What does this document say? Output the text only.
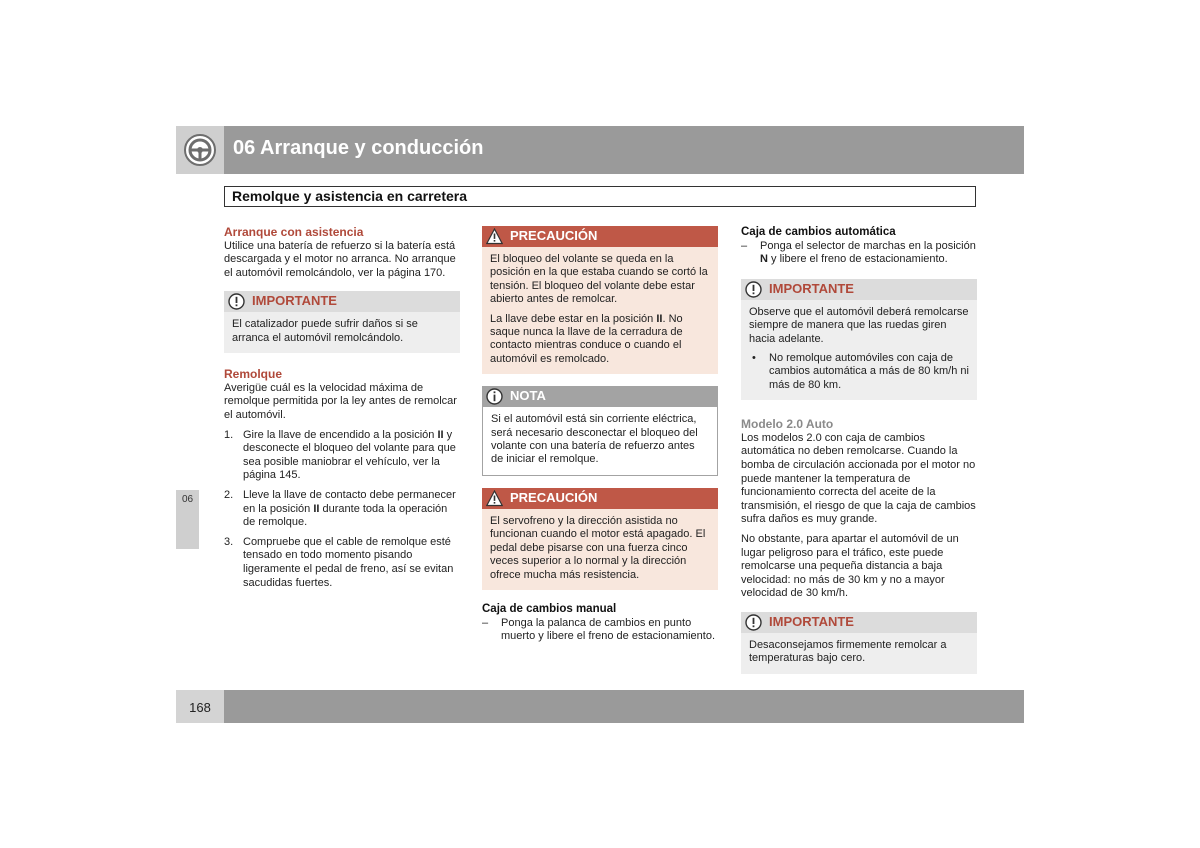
06 Arranque y conducción
Remolque y asistencia en carretera
06
168

Arranque con asistencia

Utilice una batería de refuerzo si la batería está descargada y el motor no arranca. No arranque el automóvil remolcándolo, ver la página 170.

IMPORTANTE

El catalizador puede sufrir daños si se arranca el automóvil remolcándolo.

Remolque

Averigüe cuál es la velocidad máxima de remolque permitida por la ley antes de remolcar el automóvil.

1. Gire la llave de encendido a la posición II y desconecte el bloqueo del volante para que sea posible maniobrar el vehículo, ver la página 145.
2. Lleve la llave de contacto debe permanecer en la posición II durante toda la operación de remolque.
3. Compruebe que el cable de remolque esté tensado en todo momento pisando ligeramente el pedal de freno, así se evitan sacudidas fuertes.
PRECAUCIÓN

El bloqueo del volante se queda en la posición en la que estaba cuando se cortó la tensión. El bloqueo del volante debe estar abierto antes de remolcar.

La llave debe estar en la posición II. No saque nunca la llave de la cerradura de contacto mientras conduce o cuando el automóvil es remolcado.

NOTA

Si el automóvil está sin corriente eléctrica, será necesario desconectar el bloqueo del volante con una batería de refuerzo antes de iniciar el remolque.

PRECAUCIÓN

El servofreno y la dirección asistida no funcionan cuando el motor está apagado. El pedal debe pisarse con una fuerza cinco veces superior a lo normal y la dirección ofrece mucha más resistencia.

Caja de cambios manual

– Ponga la palanca de cambios en punto muerto y libere el freno de estacionamiento.

Caja de cambios automática

– Ponga el selector de marchas en la posición N y libere el freno de estacionamiento.
IMPORTANTE

Observe que el automóvil deberá remolcarse siempre de manera que las ruedas giren hacia adelante.

• No remolque automóviles con caja de cambios automática a más de 80 km/h ni más de 80 km.

Modelo 2.0 Auto

Los modelos 2.0 con caja de cambios automática no deben remolcarse. Cuando la bomba de circulación accionada por el motor no puede mantener la temperatura de funcionamiento correcta del aceite de la transmisión, el riesgo de que la caja de cambios sufra daños es muy grande.

No obstante, para apartar el automóvil de un lugar peligroso para el tráfico, este puede remolcarse una pequeña distancia a baja velocidad: no más de 30 km y no a mayor velocidad de 30 km/h.

IMPORTANTE

Desaconsejamos firmemente remolcar a temperaturas bajo cero.
